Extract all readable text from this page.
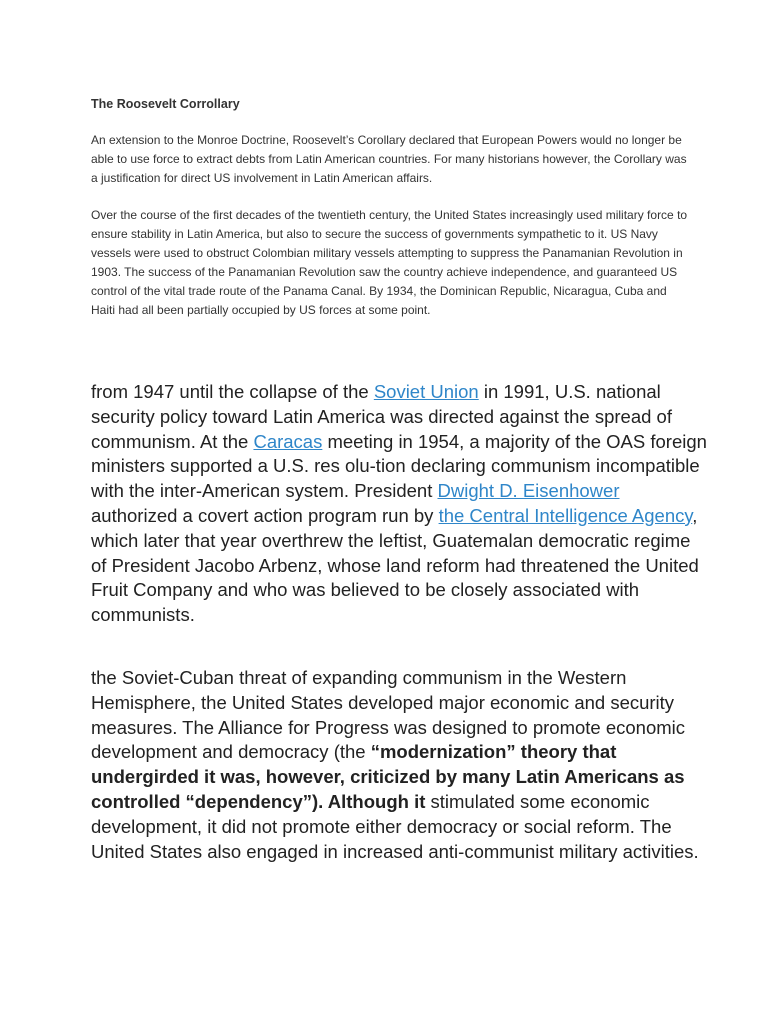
The Roosevelt Corrollary
An extension to the Monroe Doctrine, Roosevelt’s Corollary declared that European Powers would no longer be able to use force to extract debts from Latin American countries. For many historians however, the Corollary was a justification for direct US involvement in Latin American affairs.
Over the course of the first decades of the twentieth century, the United States increasingly used military force to ensure stability in Latin America, but also to secure the success of governments sympathetic to it. US Navy vessels were used to obstruct Colombian military vessels attempting to suppress the Panamanian Revolution in 1903. The success of the Panamanian Revolution saw the country achieve independence, and guaranteed US control of the vital trade route of the Panama Canal. By 1934, the Dominican Republic, Nicaragua, Cuba and Haiti had all been partially occupied by US forces at some point.
from 1947 until the collapse of the Soviet Union in 1991, U.S. national security policy toward Latin America was directed against the spread of communism. At the Caracas meeting in 1954, a majority of the OAS foreign ministers supported a U.S. res olu-tion declaring communism incompatible with the inter-American system. President Dwight D. Eisenhower authorized a covert action program run by the Central Intelligence Agency, which later that year overthrew the leftist, Guatemalan democratic regime of President Jacobo Arbenz, whose land reform had threatened the United Fruit Company and who was believed to be closely associated with communists.
the Soviet-Cuban threat of expanding communism in the Western Hemisphere, the United States developed major economic and security measures. The Alliance for Progress was designed to promote economic development and democracy (the “modernization” theory that undergirded it was, however, criticized by many Latin Americans as controlled “dependency”). Although it stimulated some economic development, it did not promote either democracy or social reform. The United States also engaged in increased anti-communist military activities.
